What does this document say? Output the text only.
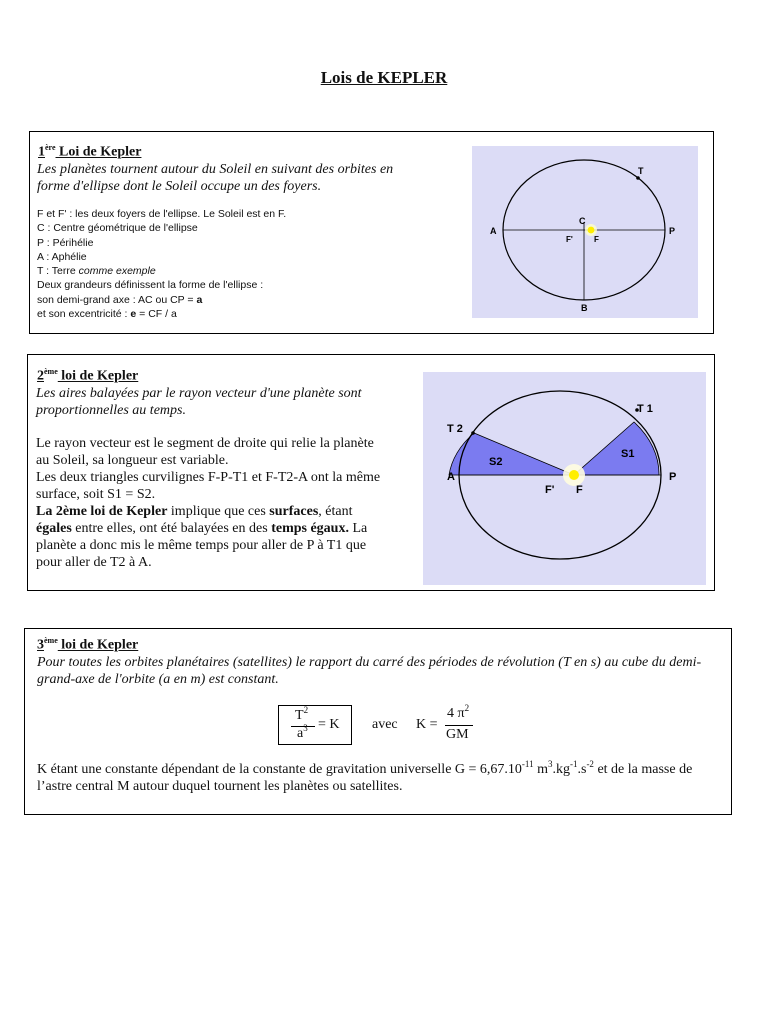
Lois de KEPLER
1ère Loi de Kepler
Les planètes tournent autour du Soleil en suivant des orbites en forme d'ellipse dont le Soleil occupe un des foyers.
F et F' : les deux foyers de l'ellipse. Le Soleil est en F.
C : Centre géométrique de l'ellipse
P : Périhélie
A : Aphélie
T : Terre comme exemple
Deux grandeurs définissent la forme de l'ellipse :
son demi-grand axe : AC ou CP = a
et son excentricité : e = CF / a
T
A	P
C
F'	F
B
2ème loi de Kepler
Les aires balayées par le rayon vecteur d'une planète sont proportionnelles au temps.

Le rayon vecteur est le segment de droite qui relie la planète au Soleil, sa longueur est variable.

Les deux triangles curvilignes F-P-T1 et F-T2-A ont la même surface, soit S1 = S2.

La 2ème loi de Kepler implique que ces surfaces, étant égales entre elles, ont été balayées en des temps égaux. La planète a donc mis le même temps pour aller de P à T1 que pour aller de T2 à A.

T 1
T 2
S1
S2
A	P
F' F
3ème loi de Kepler
Pour toutes les orbites planétaires (satellites) le rapport du carré des périodes de révolution (T en s) au cube du demi-grand-axe de l'orbite (a en m) est constant.
$T^2$
$a^3 = K$ avec K =
4 $\pi^2$
GM
K étant une constante dépendant de la constante de gravitation universelle $G = 6,67.10^{-11}$ $m^3.kg^{-1}.s^{-2}$ et de la masse de l’astre central M autour duquel tournent les planètes ou satellites.
